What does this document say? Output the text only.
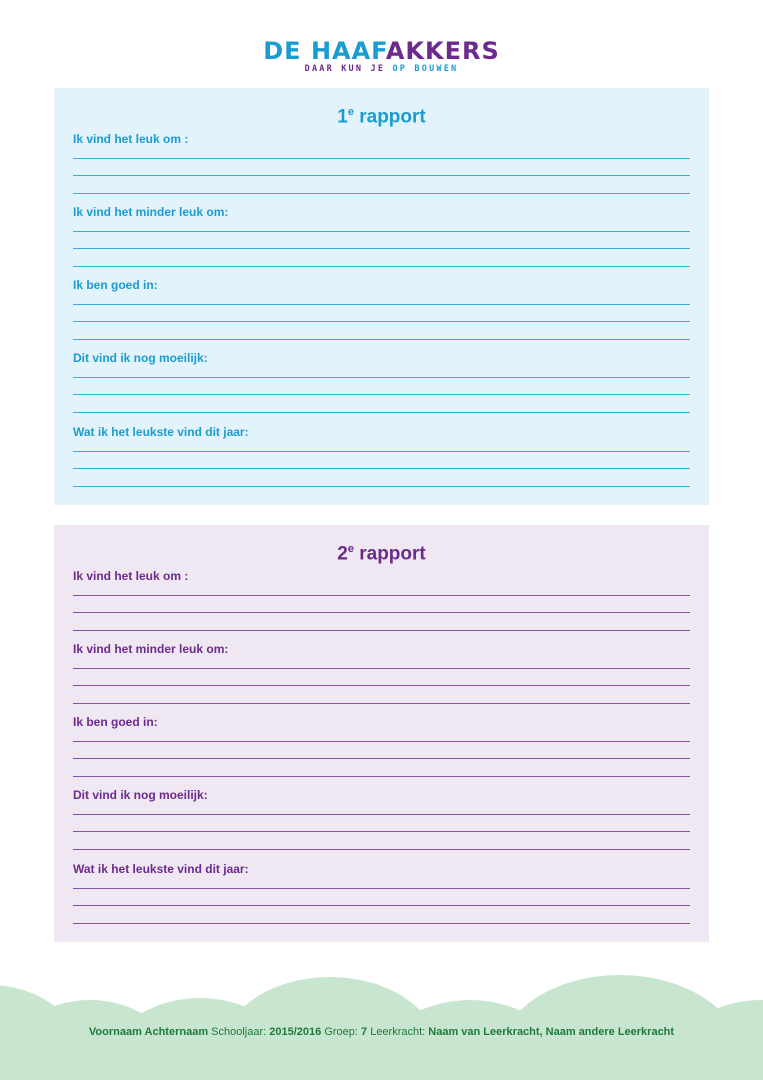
DE HAAFAKKERS
DAAR KUN JE OP BOUWEN
1e rapport
Ik vind het leuk om :
Ik vind het minder leuk om:
Ik ben goed in:
Dit vind ik nog moeilijk:
Wat ik het leukste vind dit jaar:
2e rapport
Ik vind het leuk om :
Ik vind het minder leuk om:
Ik ben goed in:
Dit vind ik nog moeilijk:
Wat ik het leukste vind dit jaar:
Voornaam Achternaam Schooljaar: 2015/2016 Groep: 7 Leerkracht: Naam van Leerkracht, Naam andere Leerkracht
